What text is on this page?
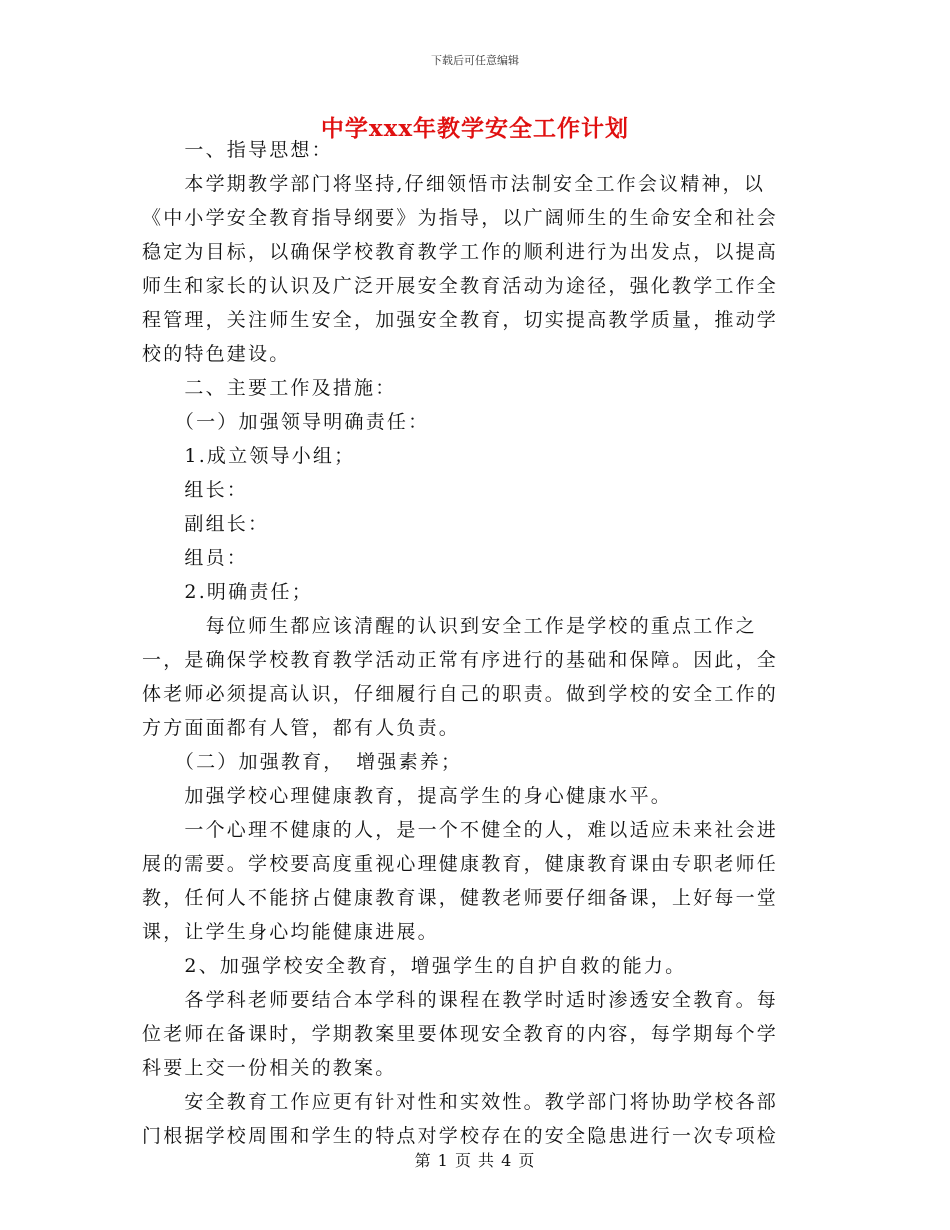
下载后可任意编辑
中学xxx年教学安全工作计划
　　一、指导思想：
　　本学期教学部门将坚持,仔细领悟市法制安全工作会议精神，以
《中小学安全教育指导纲要》为指导，以广阔师生的生命安全和社会
稳定为目标，以确保学校教育教学工作的顺利进行为出发点，以提高
师生和家长的认识及广泛开展安全教育活动为途径，强化教学工作全
程管理，关注师生安全，加强安全教育，切实提高教学质量，推动学
校的特色建设。
　　二、主要工作及措施：
　　（一）加强领导明确责任：
　　1.成立领导小组；
　　组长：
　　副组长：
　　组员：
　　2.明确责任；
　　　每位师生都应该清醒的认识到安全工作是学校的重点工作之
一，是确保学校教育教学活动正常有序进行的基础和保障。因此，全
体老师必须提高认识，仔细履行自己的职责。做到学校的安全工作的
方方面面都有人管，都有人负责。
　　（二）加强教育，　增强素养；
　　加强学校心理健康教育，提高学生的身心健康水平。
　　一个心理不健康的人，是一个不健全的人，难以适应未来社会进
展的需要。学校要高度重视心理健康教育，健康教育课由专职老师任
教，任何人不能挤占健康教育课，健教老师要仔细备课，上好每一堂
课，让学生身心均能健康进展。
　　2、加强学校安全教育，增强学生的自护自救的能力。
　　各学科老师要结合本学科的课程在教学时适时渗透安全教育。每
位老师在备课时，学期教案里要体现安全教育的内容，每学期每个学
科要上交一份相关的教案。
　　安全教育工作应更有针对性和实效性。教学部门将协助学校各部
门根据学校周围和学生的特点对学校存在的安全隐患进行一次专项检
第 1 页 共 4 页
